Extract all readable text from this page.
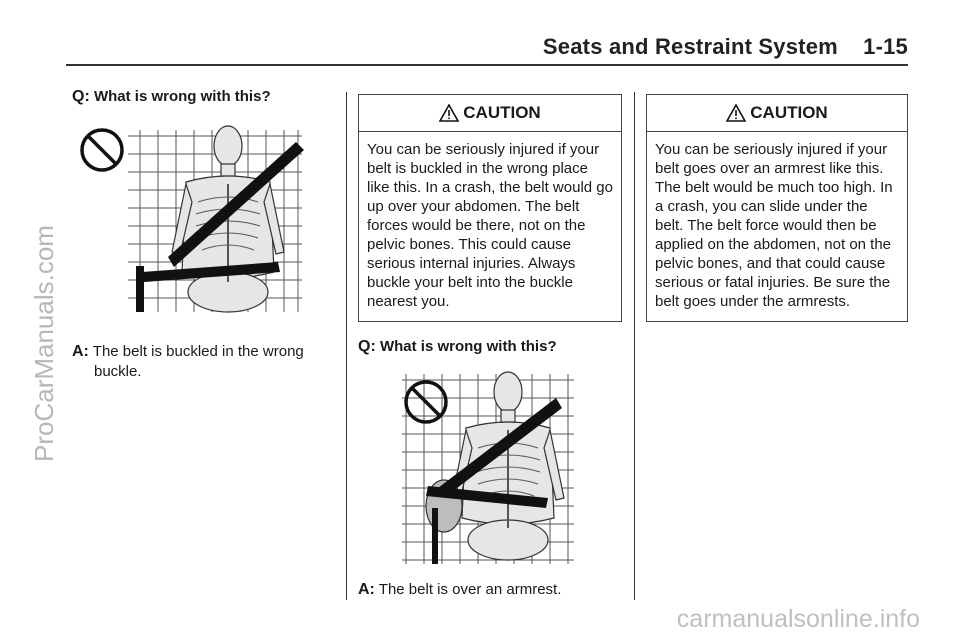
Seats and Restraint System    1-15
ProCarManuals.com
carmanualsonline.info

Q: What is wrong with this?

A: The belt is buckled in the wrong buckle.

CAUTION
You can be seriously injured if your belt is buckled in the wrong place like this. In a crash, the belt would go up over your abdomen. The belt forces would be there, not on the pelvic bones. This could cause serious internal injuries. Always buckle your belt into the buckle nearest you.

Q: What is wrong with this?

A: The belt is over an armrest.

CAUTION
You can be seriously injured if your belt goes over an armrest like this. The belt would be much too high. In a crash, you can slide under the belt. The belt force would then be applied on the abdomen, not on the pelvic bones, and that could cause serious or fatal injuries. Be sure the belt goes under the armrests.
